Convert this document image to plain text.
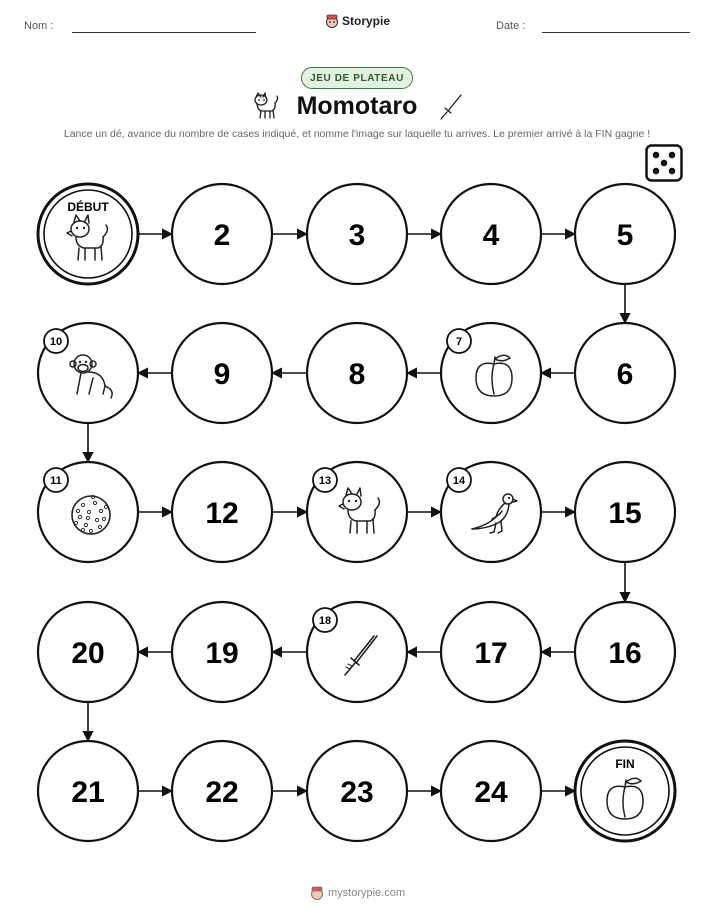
Nom :	Storypie	Date :
JEU DE PLATEAU
Momotaro
Lance un dé, avance du nombre de cases indiqué, et nomme l'image sur laquelle tu arrives. Le premier arrivé à la FIN gagne !
DÉBUT
2	3	4	5
10
9	8
7
6
11
12
13	14
15
20	19
18
17	16
21	22	23	24
FIN
mystorypie.com
